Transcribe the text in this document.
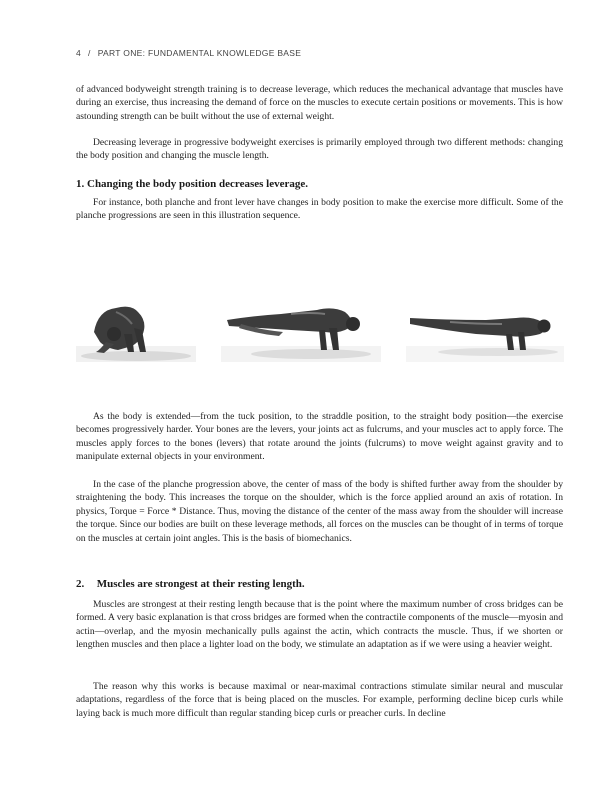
4 / PART ONE: FUNDAMENTAL KNOWLEDGE BASE

of advanced bodyweight strength training is to decrease leverage, which reduces the mechanical advantage that muscles have during an exercise, thus increasing the demand of force on the muscles to execute certain positions or movements. This is how astounding strength can be built without the use of external weight.

Decreasing leverage in progressive bodyweight exercises is primarily employed through two different methods: changing the body position and changing the muscle length.

1. Changing the body position decreases leverage.

For instance, both planche and front lever have changes in body position to make the exercise more difficult. Some of the planche progressions are seen in this illustration sequence.

As the body is extended—from the tuck position, to the straddle position, to the straight body position—the exercise becomes progressively harder. Your bones are the levers, your joints act as fulcrums, and your muscles act to apply force. The muscles apply forces to the bones (levers) that rotate around the joints (fulcrums) to move weight against gravity and to manipulate external objects in your environment.

In the case of the planche progression above, the center of mass of the body is shifted further away from the shoulder by straightening the body. This increases the torque on the shoulder, which is the force applied around an axis of rotation. In physics, Torque = Force * Distance. Thus, moving the distance of the center of the mass away from the shoulder will increase the torque. Since our bodies are built on these leverage methods, all forces on the muscles can be thought of in terms of torque on the muscles at certain joint angles. This is the basis of biomechanics.

2. Muscles are strongest at their resting length.

Muscles are strongest at their resting length because that is the point where the maximum number of cross bridges can be formed. A very basic explanation is that cross bridges are formed when the contractile components of the muscle—myosin and actin—overlap, and the myosin mechanically pulls against the actin, which contracts the muscle. Thus, if we shorten or lengthen muscles and then place a lighter load on the body, we stimulate an adaptation as if we were using a heavier weight.

The reason why this works is because maximal or near-maximal contractions stimulate similar neural and muscular adaptations, regardless of the force that is being placed on the muscles. For example, performing decline bicep curls while laying back is much more difficult than regular standing bicep curls or preacher curls. In decline
